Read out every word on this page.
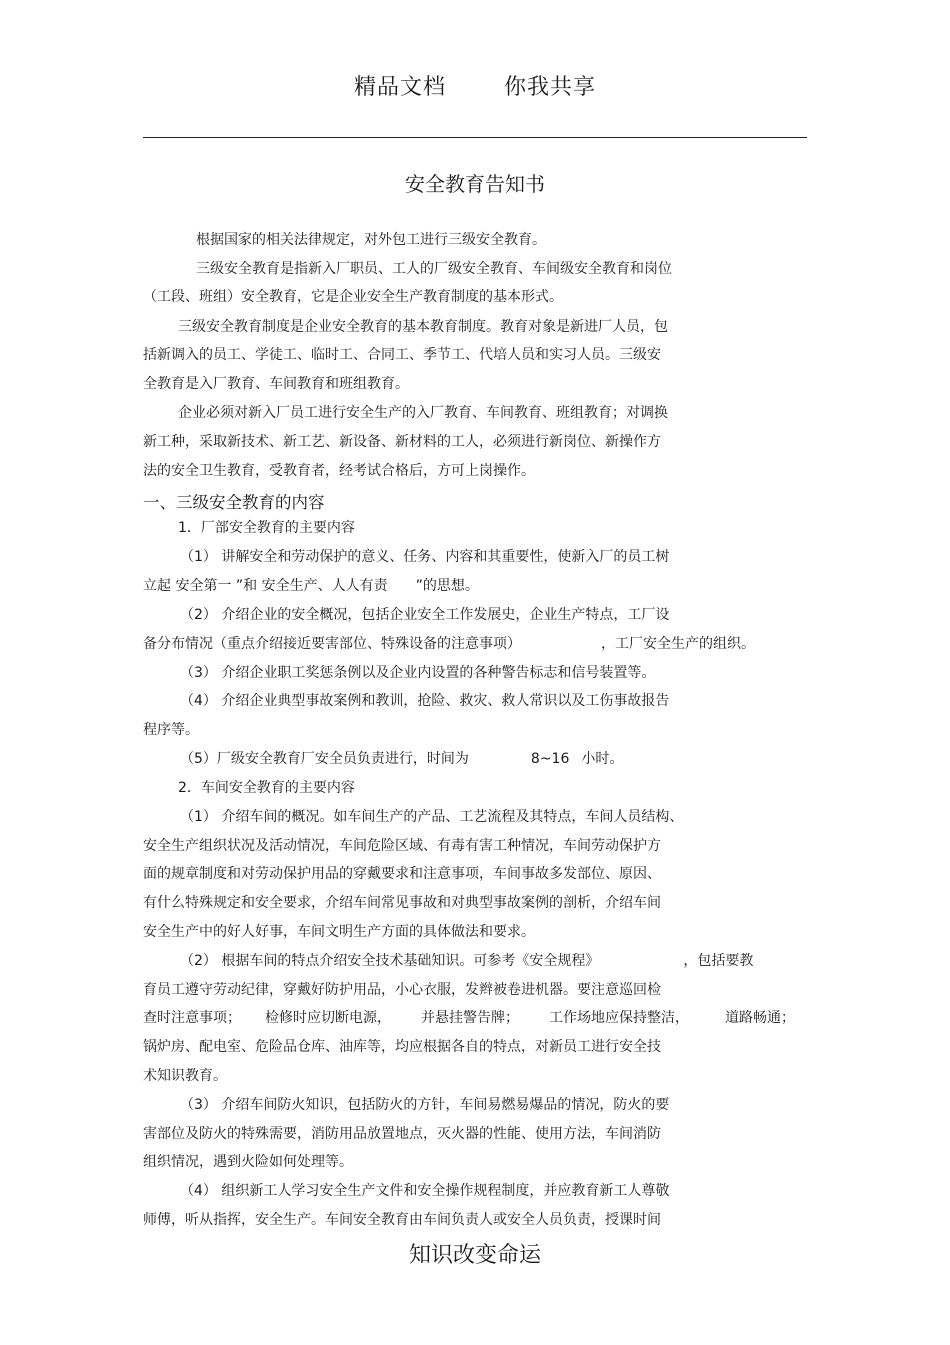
精品文档	你我共享
安全教育告知书
根据国家的相关法律规定，对外包工进行三级安全教育。
三级安全教育是指新入厂职员、工人的厂级安全教育、车间级安全教育和岗位
（工段、班组）安全教育，它是企业安全生产教育制度的基本形式。
三级安全教育制度是企业安全教育的基本教育制度。教育对象是新进厂人员，包
括新调入的员工、学徒工、临时工、合同工、季节工、代培人员和实习人员。三级安
全教育是入厂教育、车间教育和班组教育。
企业必须对新入厂员工进行安全生产的入厂教育、车间教育、班组教育；对调换
新工种，采取新技术、新工艺、新设备、新材料的工人，必须进行新岗位、新操作方
法的安全卫生教育，受教育者，经考试合格后，方可上岗操作。
一、三级安全教育的内容
1．厂部安全教育的主要内容
（1） 讲解安全和劳动保护的意义、任务、内容和其重要性，使新入厂的员工树
立起 安全第一 ”和 安全生产、人人有责 ”的思想。
（2） 介绍企业的安全概况，包括企业安全工作发展史，企业生产特点，工厂设
备分布情况（重点介绍接近要害部位、特殊设备的注意事项）	，工厂安全生产的组织。
（3） 介绍企业职工奖惩条例以及企业内设置的各种警告标志和信号装置等。
（4） 介绍企业典型事故案例和教训，抢险、救灾、救人常识以及工伤事故报告
程序等。
（5）厂级安全教育厂安全员负责进行，时间为	8~16 小时。
2．车间安全教育的主要内容
（1） 介绍车间的概况。如车间生产的产品、工艺流程及其特点，车间人员结构、
安全生产组织状况及活动情况，车间危险区域、有毒有害工种情况，车间劳动保护方
面的规章制度和对劳动保护用品的穿戴要求和注意事项，车间事故多发部位、原因、
有什么特殊规定和安全要求，介绍车间常见事故和对典型事故案例的剖析，介绍车间
安全生产中的好人好事，车间文明生产方面的具体做法和要求。
（2） 根据车间的特点介绍安全技术基础知识。可参考《安全规程》	，包括要教
育员工遵守劳动纪律，穿戴好防护用品，小心衣服，发辫被卷进机器。要注意巡回检
查时注意事项； 检修时应切断电源， 并悬挂警告牌； 工作场地应保持整洁，	道路畅通；
锅炉房、配电室、危险品仓库、油库等，均应根据各自的特点，对新员工进行安全技
术知识教育。
（3） 介绍车间防火知识，包括防火的方针，车间易燃易爆品的情况，防火的要
害部位及防火的特殊需要，消防用品放置地点，灭火器的性能、使用方法，车间消防
组织情况，遇到火险如何处理等。
（4） 组织新工人学习安全生产文件和安全操作规程制度，并应教育新工人尊敬
师傅，听从指挥，安全生产。车间安全教育由车间负责人或安全人员负责，授课时间
知识改变命运
